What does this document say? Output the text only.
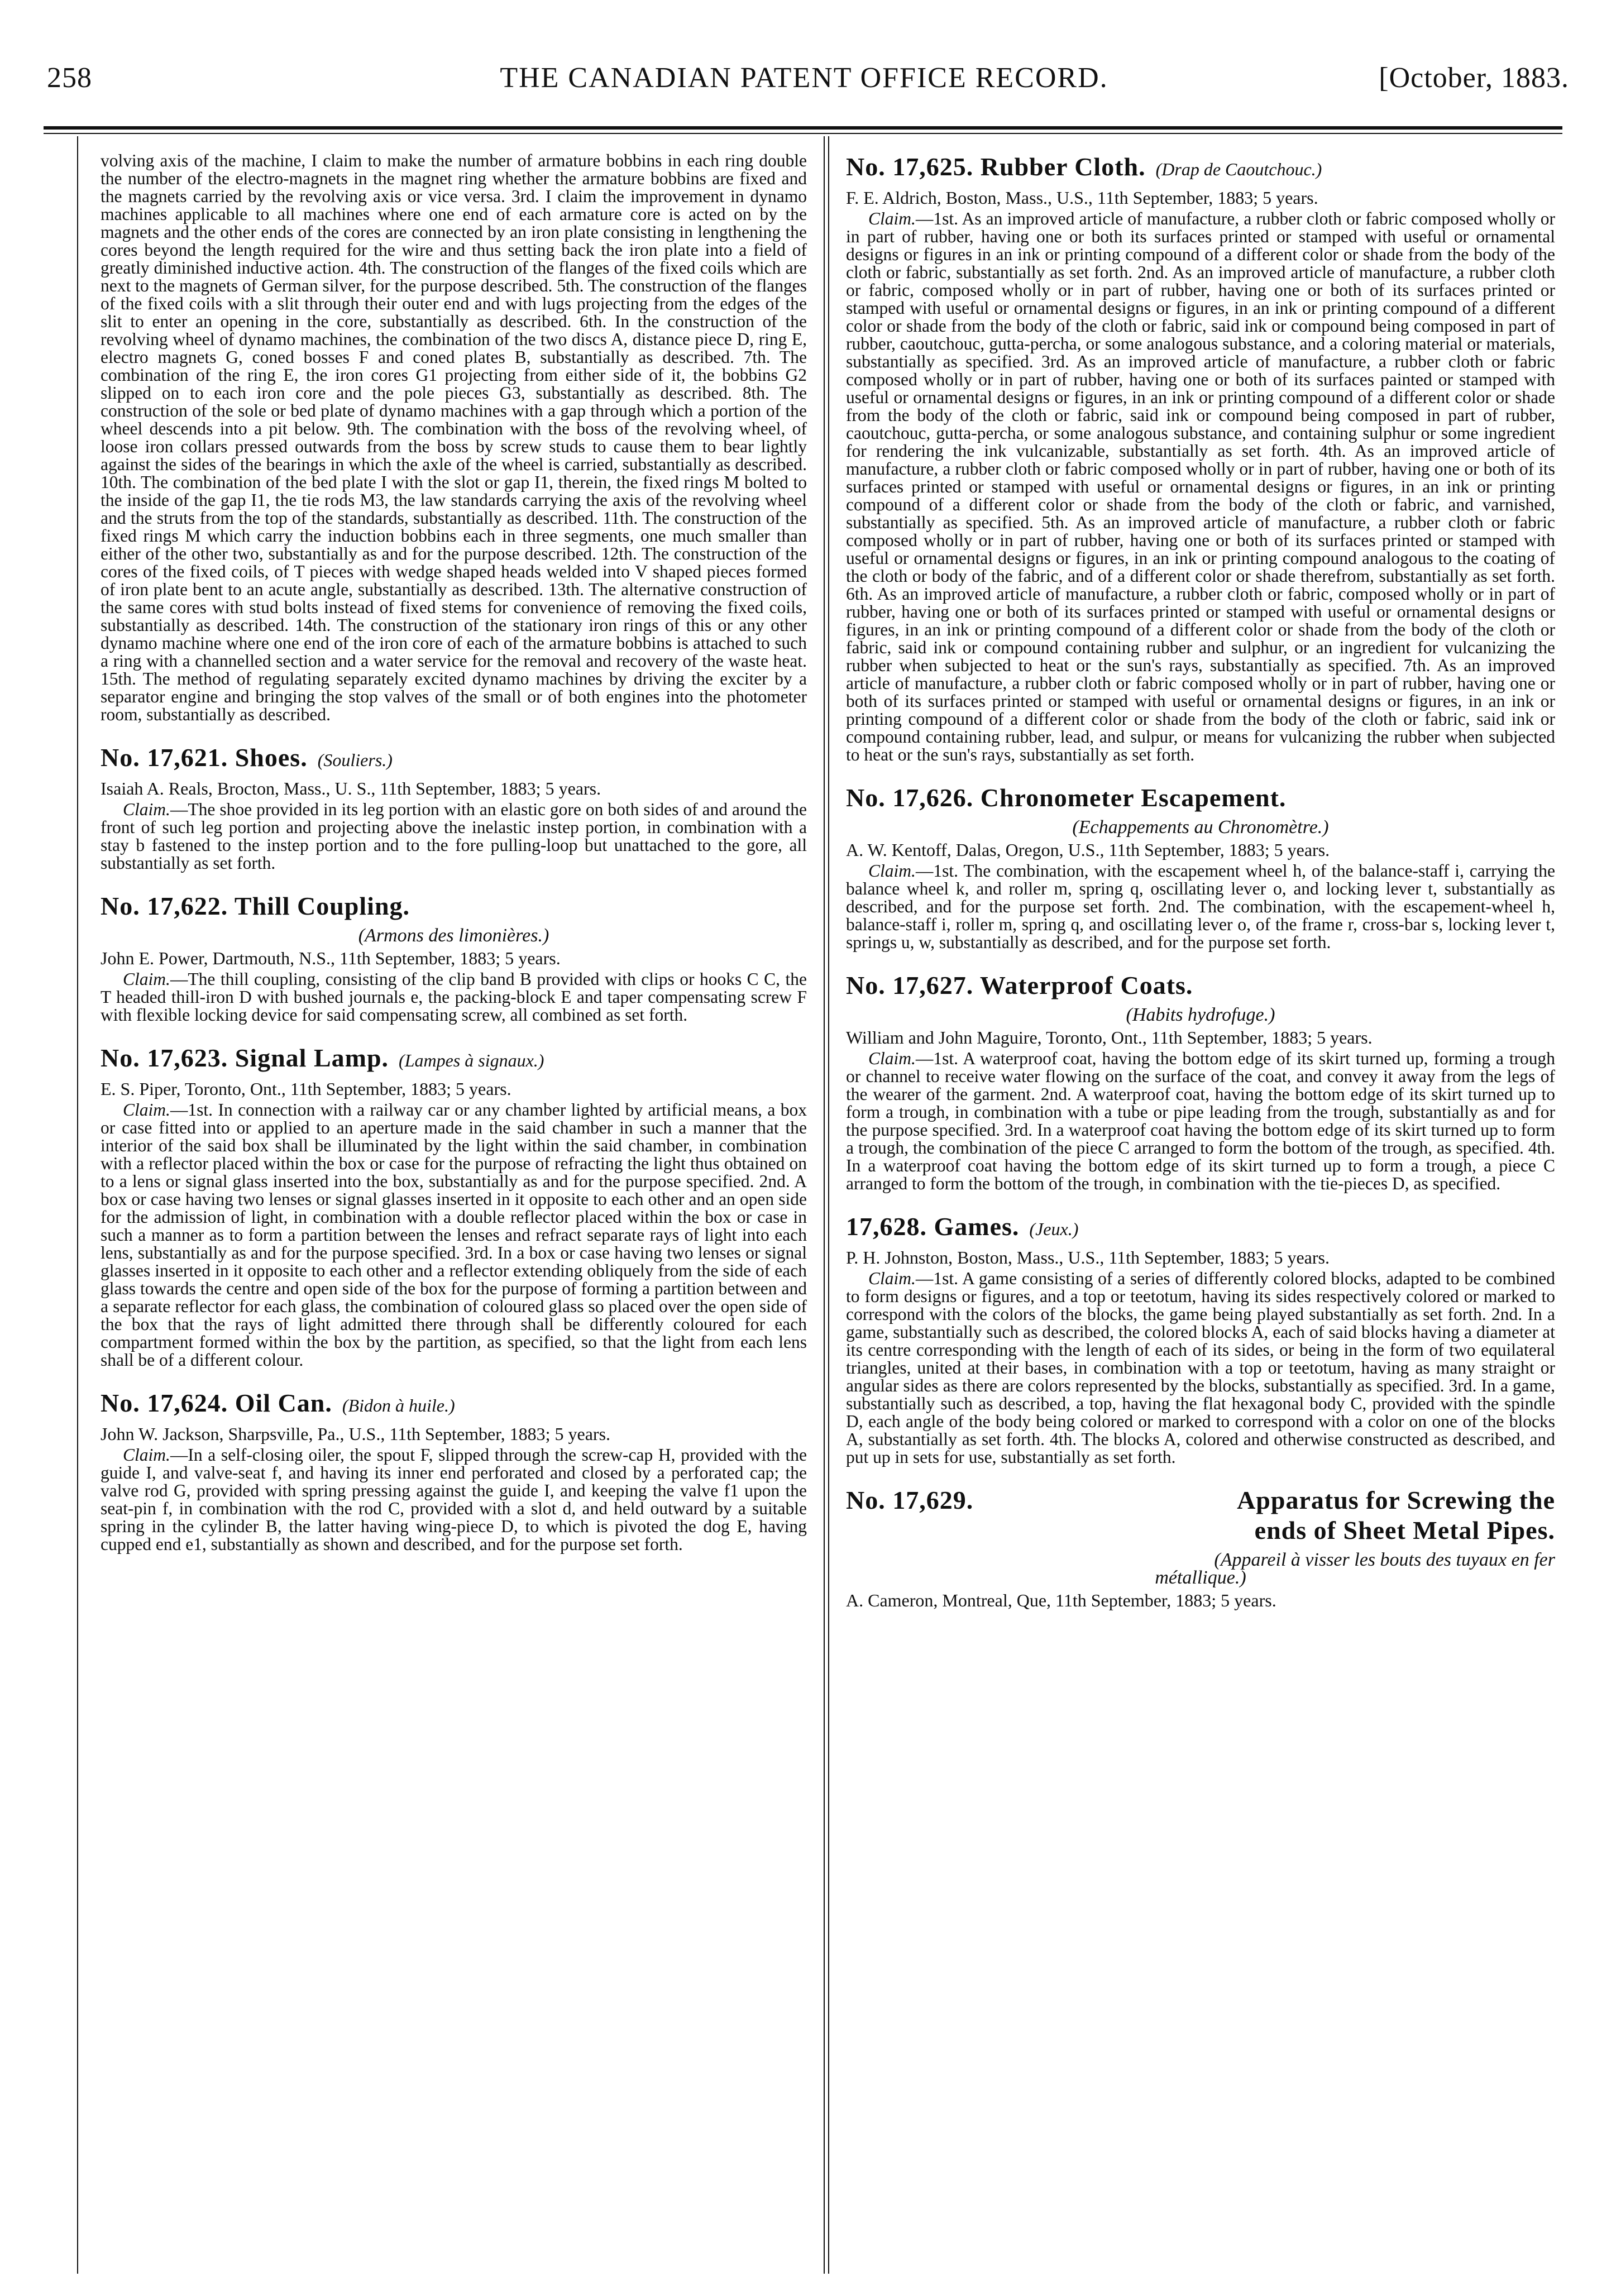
258	THE CANADIAN PATENT OFFICE RECORD.	[October, 1883.

volving axis of the machine, I claim to make the number of armature bobbins in each ring double the number of the electro-magnets in the magnet ring whether the armature bobbins are fixed and the magnets carried by the revolving axis or vice versa. 3rd. I claim the improvement in dynamo machines applicable to all machines where one end of each armature core is acted on by the magnets and the other ends of the cores are connected by an iron plate consisting in lengthening the cores beyond the length required for the wire and thus setting back the iron plate into a field of greatly diminished inductive action. 4th. The construction of the flanges of the fixed coils which are next to the magnets of German silver, for the purpose described. 5th. The construction of the flanges of the fixed coils with a slit through their outer end and with lugs projecting from the edges of the slit to enter an opening in the core, substantially as described. 6th. In the construction of the revolving wheel of dynamo machines, the combination of the two discs A, distance piece D, ring E, electro magnets G, coned bosses F and coned plates B, substantially as described. 7th. The combination of the ring E, the iron cores G1 projecting from either side of it, the bobbins G2 slipped on to each iron core and the pole pieces G3, substantially as described. 8th. The construction of the sole or bed plate of dynamo machines with a gap through which a portion of the wheel descends into a pit below. 9th. The combination with the boss of the revolving wheel, of loose iron collars pressed outwards from the boss by screw studs to cause them to bear lightly against the sides of the bearings in which the axle of the wheel is carried, substantially as described. 10th. The combination of the bed plate I with the slot or gap I1, therein, the fixed rings M bolted to the inside of the gap I1, the tie rods M3, the law standards carrying the axis of the revolving wheel and the struts from the top of the standards, substantially as described. 11th. The construction of the fixed rings M which carry the induction bobbins each in three segments, one much smaller than either of the other two, substantially as and for the purpose described. 12th. The construction of the cores of the fixed coils, of T pieces with wedge shaped heads welded into V shaped pieces formed of iron plate bent to an acute angle, substantially as described. 13th. The alternative construction of the same cores with stud bolts instead of fixed stems for convenience of removing the fixed coils, substantially as described. 14th. The construction of the stationary iron rings of this or any other dynamo machine where one end of the iron core of each of the armature bobbins is attached to such a ring with a channelled section and a water service for the removal and recovery of the waste heat. 15th. The method of regulating separately excited dynamo machines by driving the exciter by a separator engine and bringing the stop valves of the small or of both engines into the photometer room, substantially as described.

No. 17,621. Shoes. (Souliers.)

Isaiah A. Reals, Brocton, Mass., U. S., 11th September, 1883; 5 years.

Claim.—The shoe provided in its leg portion with an elastic gore on both sides of and around the front of such leg portion and projecting above the inelastic instep portion, in combination with a stay b fastened to the instep portion and to the fore pulling-loop but unattached to the gore, all substantially as set forth.

No. 17,622. Thill Coupling.

(Armons des limonières.)

John E. Power, Dartmouth, N.S., 11th September, 1883; 5 years.

Claim.—The thill coupling, consisting of the clip band B provided with clips or hooks C C, the T headed thill-iron D with bushed journals e, the packing-block E and taper compensating screw F with flexible locking device for said compensating screw, all combined as set forth.

No. 17,623. Signal Lamp. (Lampes à signaux.)

E. S. Piper, Toronto, Ont., 11th September, 1883; 5 years.

Claim.—1st. In connection with a railway car or any chamber lighted by artificial means, a box or case fitted into or applied to an aperture made in the said chamber in such a manner that the interior of the said box shall be illuminated by the light within the said chamber, in combination with a reflector placed within the box or case for the purpose of refracting the light thus obtained on to a lens or signal glass inserted into the box, substantially as and for the purpose specified. 2nd. A box or case having two lenses or signal glasses inserted in it opposite to each other and an open side for the admission of light, in combination with a double reflector placed within the box or case in such a manner as to form a partition between the lenses and refract separate rays of light into each lens, substantially as and for the purpose specified. 3rd. In a box or case having two lenses or signal glasses inserted in it opposite to each other and a reflector extending obliquely from the side of each glass towards the centre and open side of the box for the purpose of forming a partition between and a separate reflector for each glass, the combination of coloured glass so placed over the open side of the box that the rays of light admitted there through shall be differently coloured for each compartment formed within the box by the partition, as specified, so that the light from each lens shall be of a different colour.

No. 17,624. Oil Can. (Bidon à huile.)

John W. Jackson, Sharpsville, Pa., U.S., 11th September, 1883; 5 years.

Claim.—In a self-closing oiler, the spout F, slipped through the screw-cap H, provided with the guide I, and valve-seat f, and having its inner end perforated and closed by a perforated cap; the valve rod G, provided with spring pressing against the guide I, and keeping the valve f1 upon the seat-pin f, in combination with the rod C, provided with a slot d, and held outward by a suitable spring in the cylinder B, the latter having wing-piece D, to which is pivoted the dog E, having cupped end e1, substantially as shown and described, and for the purpose set forth.

No. 17,625. Rubber Cloth. (Drap de Caoutchouc.)

F. E. Aldrich, Boston, Mass., U.S., 11th September, 1883; 5 years.

Claim.—1st. As an improved article of manufacture, a rubber cloth or fabric composed wholly or in part of rubber, having one or both its surfaces printed or stamped with useful or ornamental designs or figures in an ink or printing compound of a different color or shade from the body of the cloth or fabric, substantially as set forth. 2nd. As an improved article of manufacture, a rubber cloth or fabric, composed wholly or in part of rubber, having one or both of its surfaces printed or stamped with useful or ornamental designs or figures, in an ink or printing compound of a different color or shade from the body of the cloth or fabric, said ink or compound being composed in part of rubber, caoutchouc, gutta-percha, or some analogous substance, and a coloring material or materials, substantially as specified. 3rd. As an improved article of manufacture, a rubber cloth or fabric composed wholly or in part of rubber, having one or both of its surfaces painted or stamped with useful or ornamental designs or figures, in an ink or printing compound of a different color or shade from the body of the cloth or fabric, said ink or compound being composed in part of rubber, caoutchouc, gutta-percha, or some analogous substance, and containing sulphur or some ingredient for rendering the ink vulcanizable, substantially as set forth. 4th. As an improved article of manufacture, a rubber cloth or fabric composed wholly or in part of rubber, having one or both of its surfaces printed or stamped with useful or ornamental designs or figures, in an ink or printing compound of a different color or shade from the body of the cloth or fabric, and varnished, substantially as specified. 5th. As an improved article of manufacture, a rubber cloth or fabric composed wholly or in part of rubber, having one or both of its surfaces printed or stamped with useful or ornamental designs or figures, in an ink or printing compound analogous to the coating of the cloth or body of the fabric, and of a different color or shade therefrom, substantially as set forth. 6th. As an improved article of manufacture, a rubber cloth or fabric, composed wholly or in part of rubber, having one or both of its surfaces printed or stamped with useful or ornamental designs or figures, in an ink or printing compound of a different color or shade from the body of the cloth or fabric, said ink or compound containing rubber and sulphur, or an ingredient for vulcanizing the rubber when subjected to heat or the sun's rays, substantially as specified. 7th. As an improved article of manufacture, a rubber cloth or fabric composed wholly or in part of rubber, having one or both of its surfaces printed or stamped with useful or ornamental designs or figures, in an ink or printing compound of a different color or shade from the body of the cloth or fabric, said ink or compound containing rubber, lead, and sulpur, or means for vulcanizing the rubber when subjected to heat or the sun's rays, substantially as set forth.

No. 17,626. Chronometer Escapement.

(Echappements au Chronomètre.)

A. W. Kentoff, Dalas, Oregon, U.S., 11th September, 1883; 5 years.

Claim.—1st. The combination, with the escapement wheel h, of the balance-staff i, carrying the balance wheel k, and roller m, spring q, oscillating lever o, and locking lever t, substantially as described, and for the purpose set forth. 2nd. The combination, with the escapement-wheel h, balance-staff i, roller m, spring q, and oscillating lever o, of the frame r, cross-bar s, locking lever t, springs u, w, substantially as described, and for the purpose set forth.

No. 17,627. Waterproof Coats.

(Habits hydrofuge.)

William and John Maguire, Toronto, Ont., 11th September, 1883; 5 years.

Claim.—1st. A waterproof coat, having the bottom edge of its skirt turned up, forming a trough or channel to receive water flowing on the surface of the coat, and convey it away from the legs of the wearer of the garment. 2nd. A waterproof coat, having the bottom edge of its skirt turned up to form a trough, in combination with a tube or pipe leading from the trough, substantially as and for the purpose specified. 3rd. In a waterproof coat having the bottom edge of its skirt turned up to form a trough, the combination of the piece C arranged to form the bottom of the trough, as specified. 4th. In a waterproof coat having the bottom edge of its skirt turned up to form a trough, a piece C arranged to form the bottom of the trough, in combination with the tie-pieces D, as specified.

17,628. Games. (Jeux.)

P. H. Johnston, Boston, Mass., U.S., 11th September, 1883; 5 years.

Claim.—1st. A game consisting of a series of differently colored blocks, adapted to be combined to form designs or figures, and a top or teetotum, having its sides respectively colored or marked to correspond with the colors of the blocks, the game being played substantially as set forth. 2nd. In a game, substantially such as described, the colored blocks A, each of said blocks having a diameter at its centre corresponding with the length of each of its sides, or being in the form of two equilateral triangles, united at their bases, in combination with a top or teetotum, having as many straight or angular sides as there are colors represented by the blocks, substantially as specified. 3rd. In a game, substantially such as described, a top, having the flat hexagonal body C, provided with the spindle D, each angle of the body being colored or marked to correspond with a color on one of the blocks A, substantially as set forth. 4th. The blocks A, colored and otherwise constructed as described, and put up in sets for use, substantially as set forth.

No. 17,629.	Apparatus for Screwing the

ends of Sheet Metal Pipes.

(Appareil à visser les bouts des tuyaux en fer

métallique.)

A. Cameron, Montreal, Que, 11th September, 1883; 5 years.
